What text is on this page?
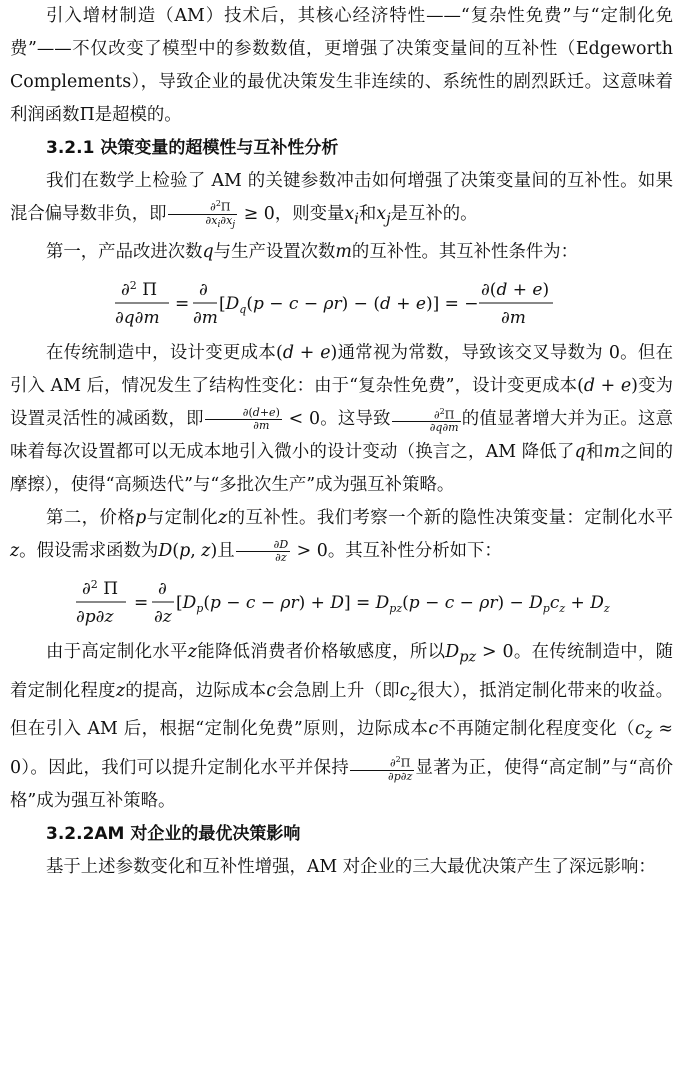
引入增材制造（AM）技术后，其核心经济特性——“复杂性免费”与“定制化免费”——不仅改变了模型中的参数数值，更增强了决策变量间的互补性（Edgeworth Complements），导致企业的最优决策发生非连续的、系统性的剧烈跃迁。这意味着利润函数Π是超模的。

3.2.1 决策变量的超模性与互补性分析

我们在数学上检验了 AM 的关键参数冲击如何增强了决策变量间的互补性。如果混合偏导数非负，即 $\frac{\partial^2\Pi}{\partial x_i\partial x_j} \ge 0$，则变量$x_i$和$x_j$是互补的。

第一，产品改进次数q与生产设置次数m的互补性。其互补性条件为：

∂$^2$ Π
∂q∂m
=
∂
∂m
$[D_q(p - c - \rho r) - (d + e)]$ = −
∂(d + e)
∂m

在传统制造中，设计变更成本(d + e)通常视为常数，导致该交叉导数为 0。但在引入 AM 后，情况发生了结构性变化：由于“复杂性免费”，设计变更成本(d + e)变为设置灵活性的减函数，即 $\frac{\partial(d+e)}{\partial m} < 0$。这导致 $\frac{\partial^2\Pi}{\partial q\partial m}$ 的值显著增大并为正。这意味着每次设置都可以无成本地引入微小的设计变动（换言之，AM 降低了q和m之间的摩擦），使得“高频迭代”与“多批次生产”成为强互补策略。

第二，价格p与定制化z的互补性。我们考察一个新的隐性决策变量：定制化水平z。假设需求函数为D(p, z)且 $\frac{\partial D}{\partial z} > 0$。其互补性分析如下：

∂$^2$ Π
∂p∂z
=
∂
∂z
$[D_p(p - c - \rho r) + D] = D_{pz}(p - c - \rho r) - D_pc_z + D_z$

由于高定制化水平z能降低消费者价格敏感度，所以$D_{pz} > 0$。在传统制造中，随着定制化程度z的提高，边际成本c会急剧上升（即$c_z$很大），抵消定制化带来的收益。但在引入 AM 后，根据“定制化免费”原则，边际成本c不再随定制化程度变化$(c_z \approx 0)$。因此，我们可以提升定制化水平并保持 $\frac{\partial^2\Pi}{\partial p\partial z}$ 显著为正，使得“高定制”与“高价格”成为强互补策略。

3.2.2AM 对企业的最优决策影响

基于上述参数变化和互补性增强，AM 对企业的三大最优决策产生了深远影响：
